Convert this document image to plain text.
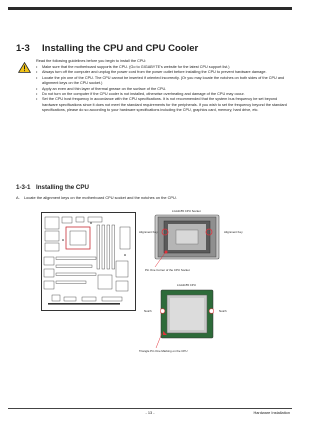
1-3 Installing the CPU and CPU Cooler
Read the following guidelines before you begin to install the CPU:
• Make sure that the motherboard supports the CPU. (Go to GIGABYTE's website for the latest CPU support list.)
• Always turn off the computer and unplug the power cord from the power outlet before installing the CPU to prevent hardware damage.
• Locate the pin one of the CPU. The CPU cannot be inserted if oriented incorrectly. (Or you may locate the notches on both sides of the CPU and alignment keys on the CPU socket.)
• Apply an even and thin layer of thermal grease on the surface of the CPU.
• Do not turn on the computer if the CPU cooler is not installed, otherwise overheating and damage of the CPU may occur.
• Set the CPU host frequency in accordance with the CPU specifications. It is not recommended that the system bus frequency be set beyond hardware specifications since it does not meet the standard requirements for the peripherals. If you wish to set the frequency beyond the standard specifications, please do so according to your hardware specifications including the CPU, graphics card, memory, hard drive, etc.
1-3-1 Installing the CPU
A. Locate the alignment keys on the motherboard CPU socket and the notches on the CPU.
LGA1155 CPU Socket
Alignment Key	Alignment Key
Pin One Corner of the CPU Socket
LGA1155 CPU
Notch	Notch
Triangle Pin One Marking on the CPU
- 13 -	Hardware Installation
